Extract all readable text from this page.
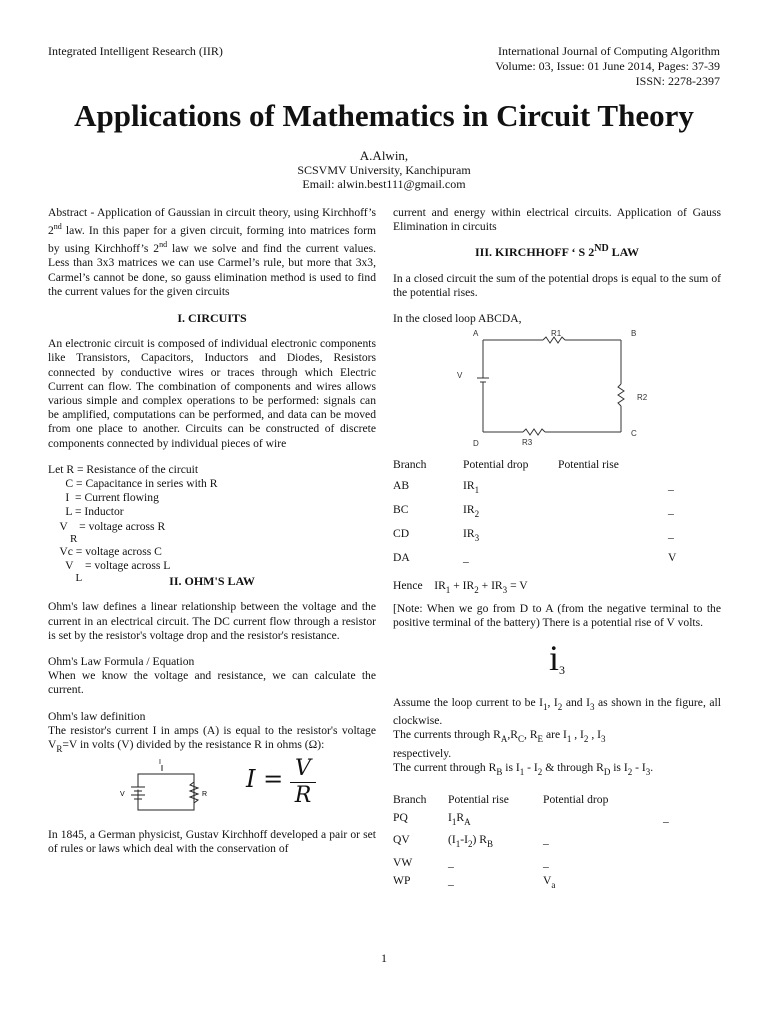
Integrated Intelligent Research (IIR)	International Journal of Computing Algorithm
Volume: 03, Issue: 01 June 2014, Pages: 37-39
ISSN: 2278-2397
Applications of Mathematics in Circuit Theory
A.Alwin,
SCSVMV University, Kanchipuram
Email: alwin.best111@gmail.com

Abstract - Application of Gaussian in circuit theory, using Kirchhoff’s 2nd law. In this paper for a given circuit, forming into matrices form by using Kirchhoff’s 2nd law we solve and find the current values. Less than 3x3 matrices we can use Carmel’s rule, but more that 3x3, Carmel’s cannot be done, so gauss elimination method is used to find the current values for the given circuits

I. CIRCUITS

An electronic circuit is composed of individual electronic components like Transistors, Capacitors, Inductors and Diodes, Resistors connected by conductive wires or traces through which Electric Current can flow. The combination of components and wires allows various simple and complex operations to be performed: signals can be amplified, computations can be performed, and data can be moved from one place to another. Circuits can be constructed of discrete components connected by individual pieces of wire

Let R = Resistance of the circuit
C = Capacitance in series with R
I  = Current flowing
L = Inductor
V    = voltage across R
R
Vc = voltage across C
V    = voltage across L
L	II. OHM'S LAW

Ohm's law defines a linear relationship between the voltage and the current in an electrical circuit. The DC current flow through a resistor is set by the resistor's voltage drop and the resistor's resistance.

Ohm's Law Formula / Equation

When we know the voltage and resistance, we can calculate the current.

Ohm's law definition

The resistor's current I in amps (A) is equal to the resistor's voltage $V_R=V$ in volts (V) divided by the resistance R in ohms (Ω):

I
V	R
I = V
R

In 1845, a German physicist, Gustav Kirchhoff developed a pair or set of rules or laws which deal with the conservation of

current and energy within electrical circuits. Application of Gauss Elimination in circuits

III. KIRCHHOFF ‘ S 2ND LAW

In a closed circuit the sum of the potential drops is equal to the sum of the potential rises.

In the closed loop ABCDA,

A	B
C
D
R1
R2
R3
V
Branch	Potential drop	Potential rise
AB	$IR_1$	_
BC	$IR_2$	_
CD	$IR_3$	_
DA	_	V

Hence $IR_1 + IR_2 + IR_3 = V$

[Note: When we go from D to A (from the negative terminal to the positive terminal of the battery) There is a potential rise of V volts.

$i_3$

Assume the loop current to be $I_1$, $I_2$ and $I_3$ as shown in the figure, all clockwise.

The currents through $R_A,R_C$, $R_E$ are $I_1$ , $I_2$ , $I_3$

respectively.

The current through $R_B$ is $I_1 - I_2$ & through $R_D$ is $I_2 - I_3$.

Branch	Potential rise	Potential drop
PQ	$I_1R_A$	_
QV	$(I_1-I_2)$ $R_B$	_
VW	_	_
WP	_	$V_a$
1
